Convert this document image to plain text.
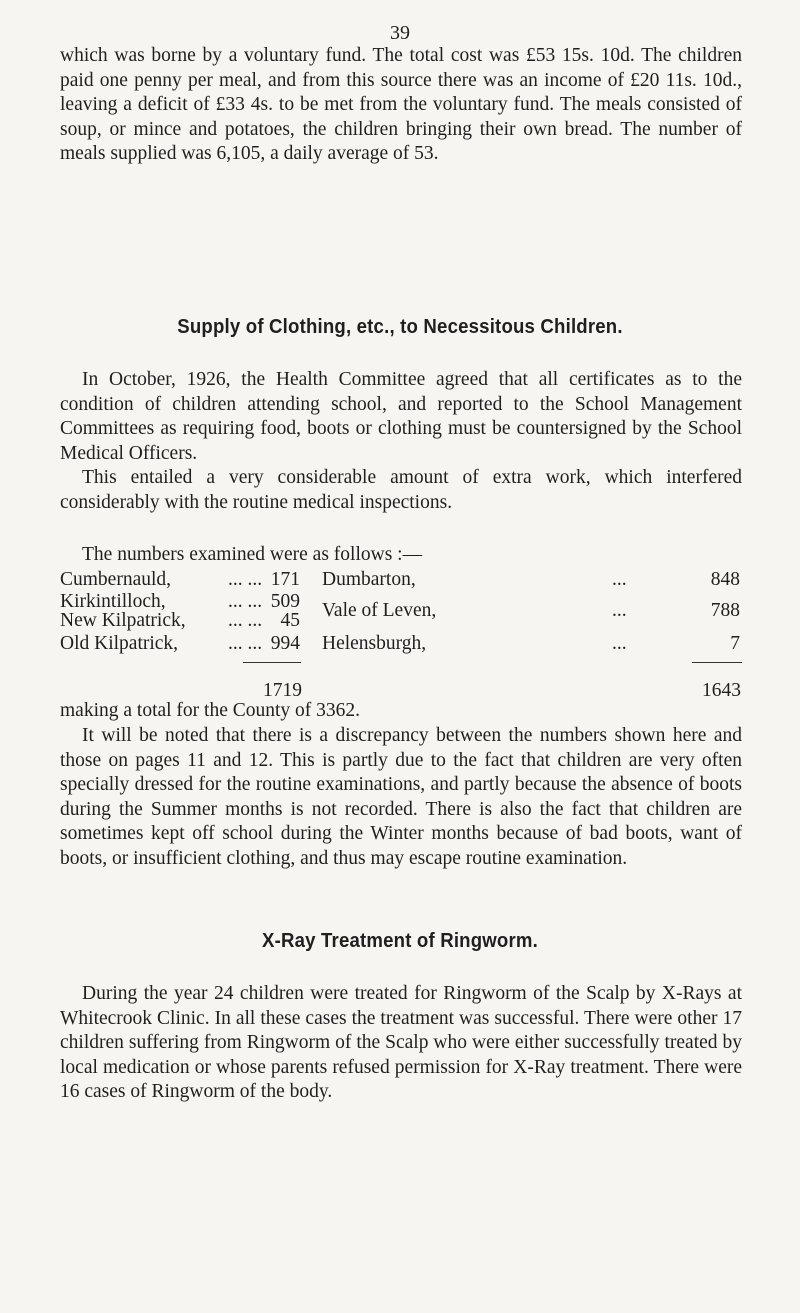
39

which was borne by a voluntary fund. The total cost was £53 15s. 10d. The children paid one penny per meal, and from this source there was an income of £20 11s. 10d., leaving a deficit of £33 4s. to be met from the voluntary fund. The meals consisted of soup, or mince and potatoes, the children bringing their own bread. The number of meals supplied was 6,105, a daily average of 53.

Supply of Clothing, etc., to Necessitous Children.

In October, 1926, the Health Committee agreed that all certificates as to the condition of children attending school, and reported to the School Management Committees as requiring food, boots or clothing must be countersigned by the School Medical Officers.

This entailed a very considerable amount of extra work, which interfered considerably with the routine medical inspections.

The numbers examined were as follows :—
Cumbernauld,	... ... 171
Kirkintilloch,	... ... 509
New Kilpatrick, ... ... 45
Old Kilpatrick,	... ... 994
1719
Dumbarton,	...	848
Vale of Leven,	...	788
Helensburgh,	...	7
1643
making a total for the County of 3362.

It will be noted that there is a discrepancy between the numbers shown here and those on pages 11 and 12. This is partly due to the fact that children are very often specially dressed for the routine examinations, and partly because the absence of boots during the Summer months is not recorded. There is also the fact that children are sometimes kept off school during the Winter months because of bad boots, want of boots, or insufficient clothing, and thus may escape routine examination.

X-Ray Treatment of Ringworm.

During the year 24 children were treated for Ringworm of the Scalp by X-Rays at Whitecrook Clinic. In all these cases the treatment was successful. There were other 17 children suffering from Ringworm of the Scalp who were either successfully treated by local medication or whose parents refused permission for X-Ray treatment. There were 16 cases of Ringworm of the body.
